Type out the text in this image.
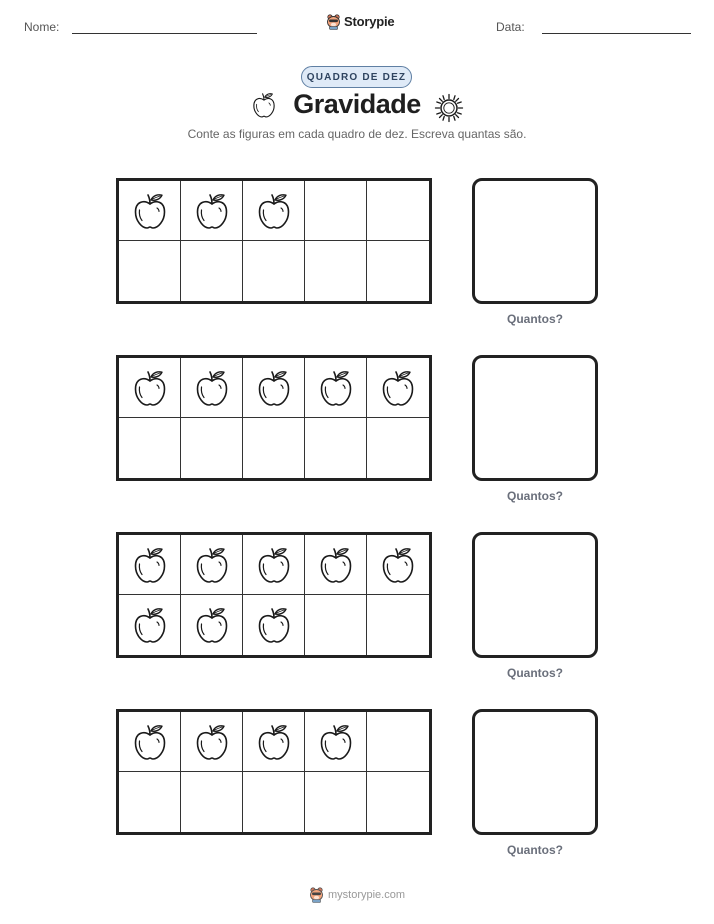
Nome:	Storypie	Data:
QUADRO DE DEZ
Gravidade
Conte as figuras em cada quadro de dez. Escreva quantas são.
Quantos?
Quantos?
Quantos?
Quantos?
mystorypie.com
